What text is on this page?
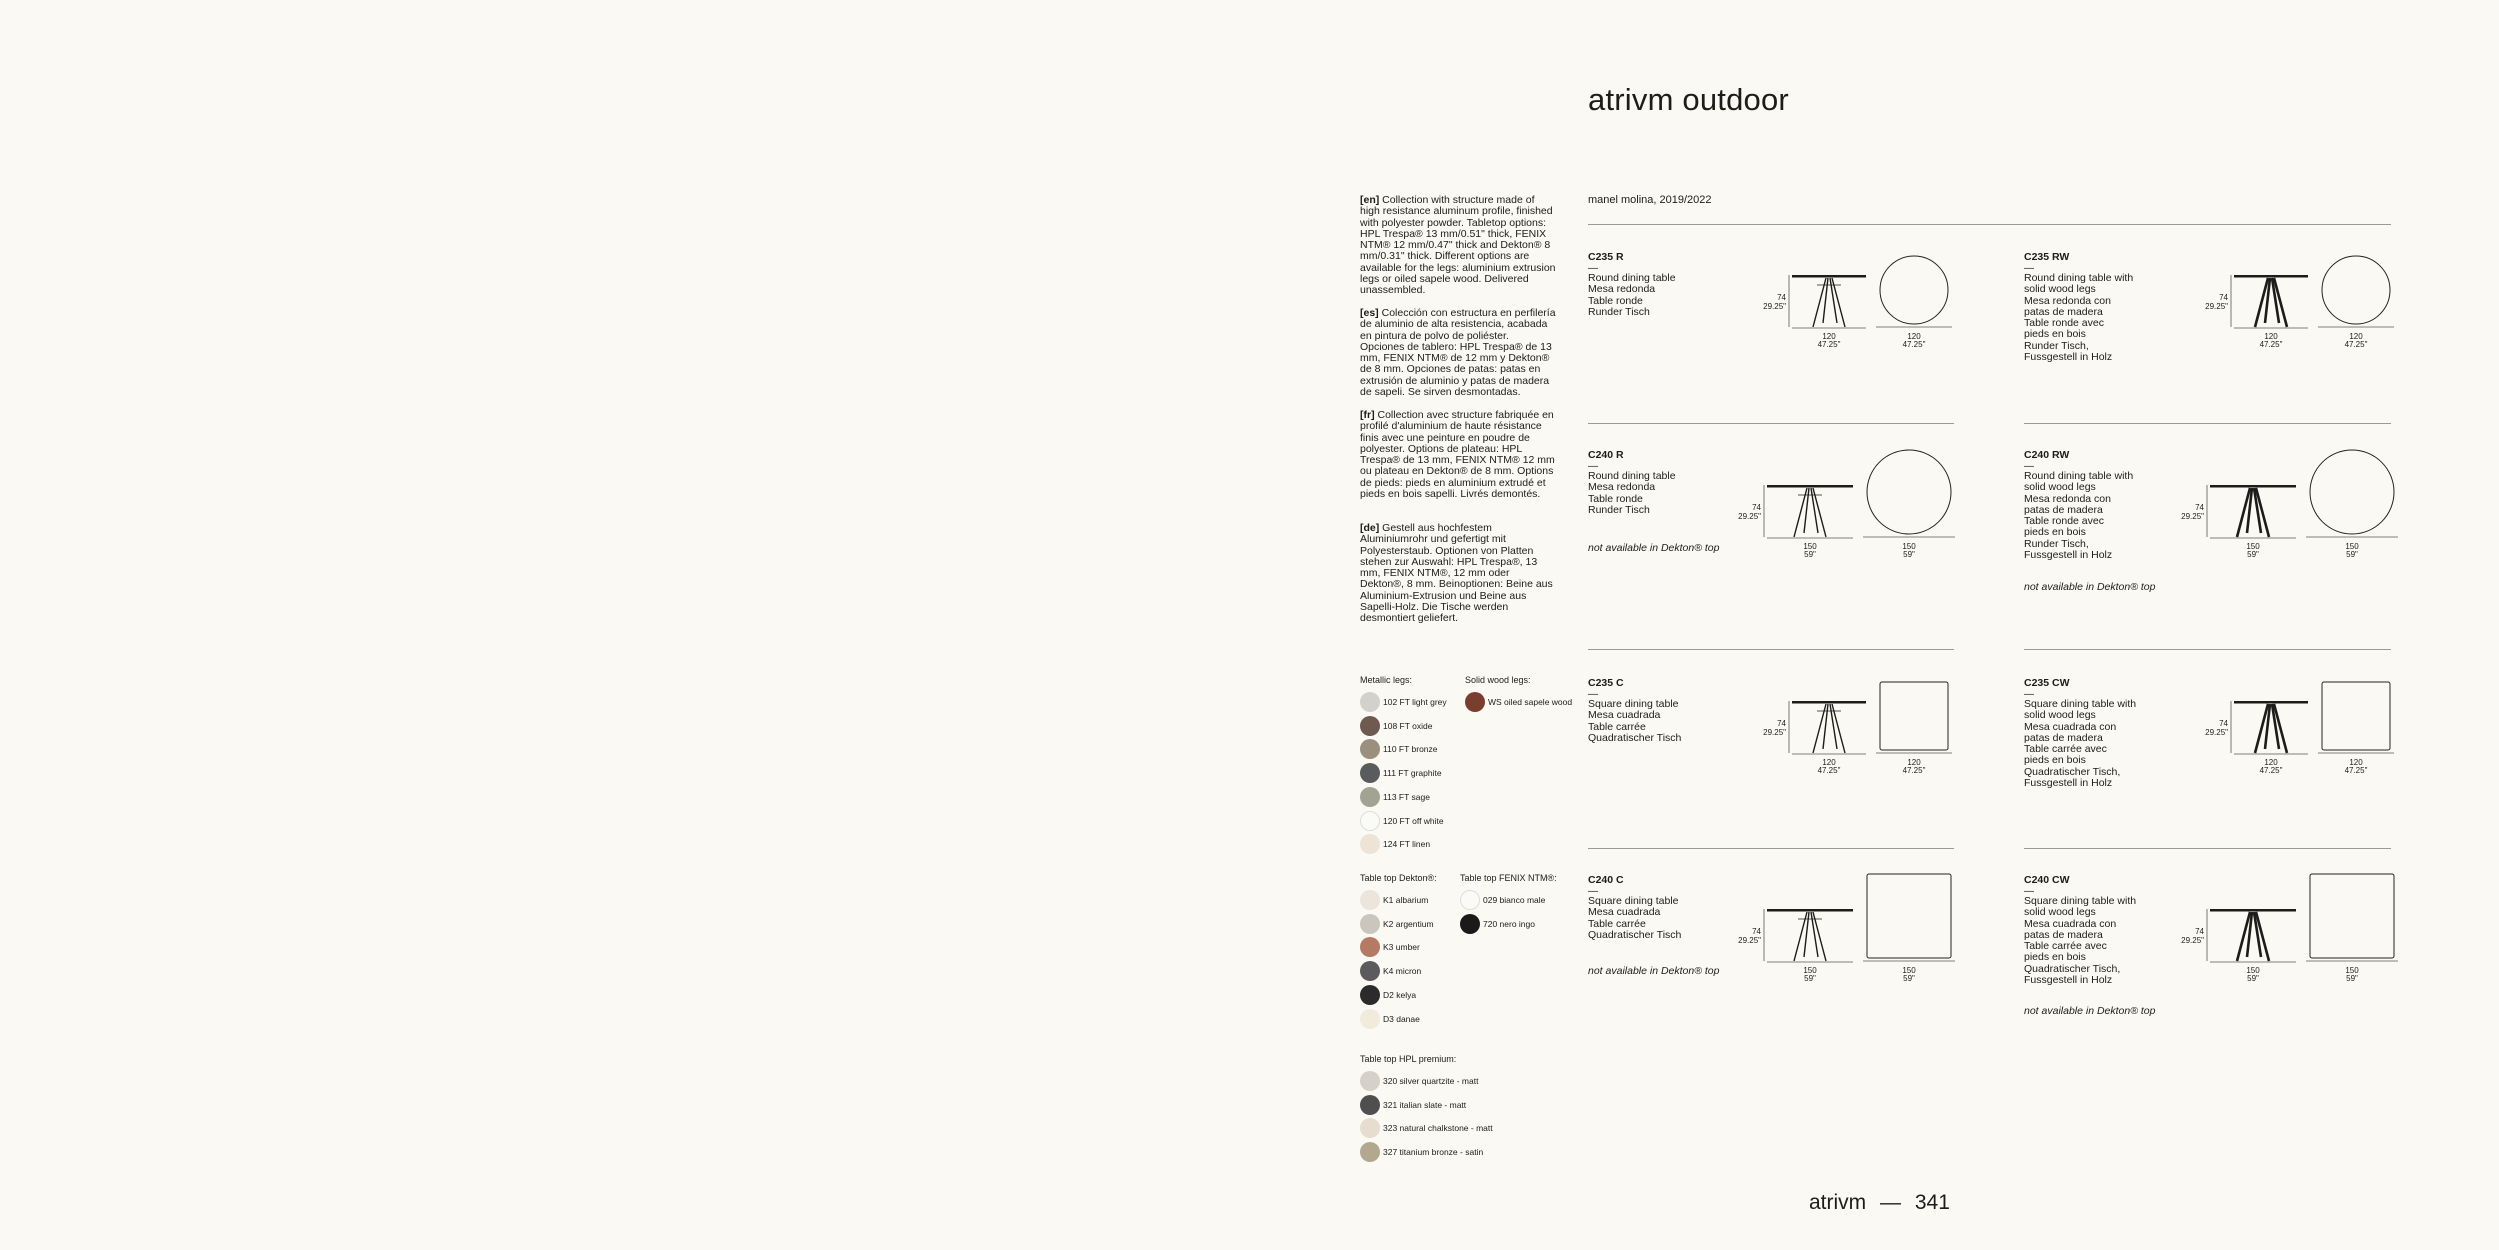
atrivm outdoor
manel molina, 2019/2022
[en] Collection with structure made of high resistance aluminum profile, finished with polyester powder. Tabletop options: HPL Trespa® 13 mm/0.51" thick, FENIX NTM® 12 mm/0.47" thick and Dekton® 8 mm/0.31" thick. Different options are available for the legs: aluminium extrusion legs or oiled sapele wood. Delivered unassembled.
[es] Colección con estructura en perfilería de aluminio de alta resistencia, acabada en pintura de polvo de poliéster. Opciones de tablero: HPL Trespa® de 13 mm, FENIX NTM® de 12 mm y Dekton® de 8 mm. Opciones de patas: patas en extrusión de aluminio y patas de madera de sapeli. Se sirven desmontadas.
[fr] Collection avec structure fabriquée en profilé d'aluminium de haute résistance finis avec une peinture en poudre de polyester. Options de plateau: HPL Trespa® de 13 mm, FENIX NTM® 12 mm ou plateau en Dekton® de 8 mm. Options de pieds: pieds en aluminium extrudé et pieds en bois sapelli. Livrés demontés.
[de] Gestell aus hochfestem Aluminiumrohr und gefertigt mit Polyesterstaub. Optionen von Platten stehen zur Auswahl: HPL Trespa®, 13 mm, FENIX NTM®, 12 mm oder Dekton®, 8 mm. Beinoptionen: Beine aus Aluminium-Extrusion und Beine aus Sapelli-Holz. Die Tische werden desmontiert geliefert.
C235 R
—
Round dining table
Mesa redonda
Table ronde
Runder Tisch
74
29.25"
120
47.25"
120
47.25"
C235 RW
—
Round dining table with
solid wood legs
Mesa redonda con
patas de madera
Table ronde avec
pieds en bois
Runder Tisch,
Fussgestell in Holz
74
29.25"
120
47.25"
120
47.25"
C240 R
—
Round dining table
Mesa redonda
Table ronde
Runder Tisch
not available in Dekton® top
74
29.25"
150
59"
150
59"
C240 RW
—
Round dining table with
solid wood legs
Mesa redonda con
patas de madera
Table ronde avec
pieds en bois
Runder Tisch,
Fussgestell in Holz
not available in Dekton® top
74
29.25"
150
59"
150
59"
C235 C
—
Square dining table
Mesa cuadrada
Table carrée
Quadratischer Tisch
74
29.25"
120
47.25"
120
47.25"
C235 CW
—
Square dining table with
solid wood legs
Mesa cuadrada con
patas de madera
Table carrée avec
pieds en bois
Quadratischer Tisch,
Fussgestell in Holz
74
29.25"
120
47.25"
120
47.25"
C240 C
—
Square dining table
Mesa cuadrada
Table carrée
Quadratischer Tisch
not available in Dekton® top
74
29.25"
150
59"
150
59"
C240 CW
—
Square dining table with
solid wood legs
Mesa cuadrada con
patas de madera
Table carrée avec
pieds en bois
Quadratischer Tisch,
Fussgestell in Holz
not available in Dekton® top
74
29.25"
150
59"
150
59"
Metallic legs:
102 FT light grey
108 FT oxide
110 FT bronze
111 FT graphite
113 FT sage
120 FT off white
124 FT linen
Solid wood legs:
WS oiled sapele wood
Table top Dekton®:
K1 albarium
K2 argentium
K3 umber
K4 micron
D2 kelya
D3 danae
Table top FENIX NTM®:
029 bianco male
720 nero ingo
Table top HPL premium:
320 silver quartzite - matt
321 italian slate - matt
323 natural chalkstone - matt
327 titanium bronze - satin
atrivm — 341
